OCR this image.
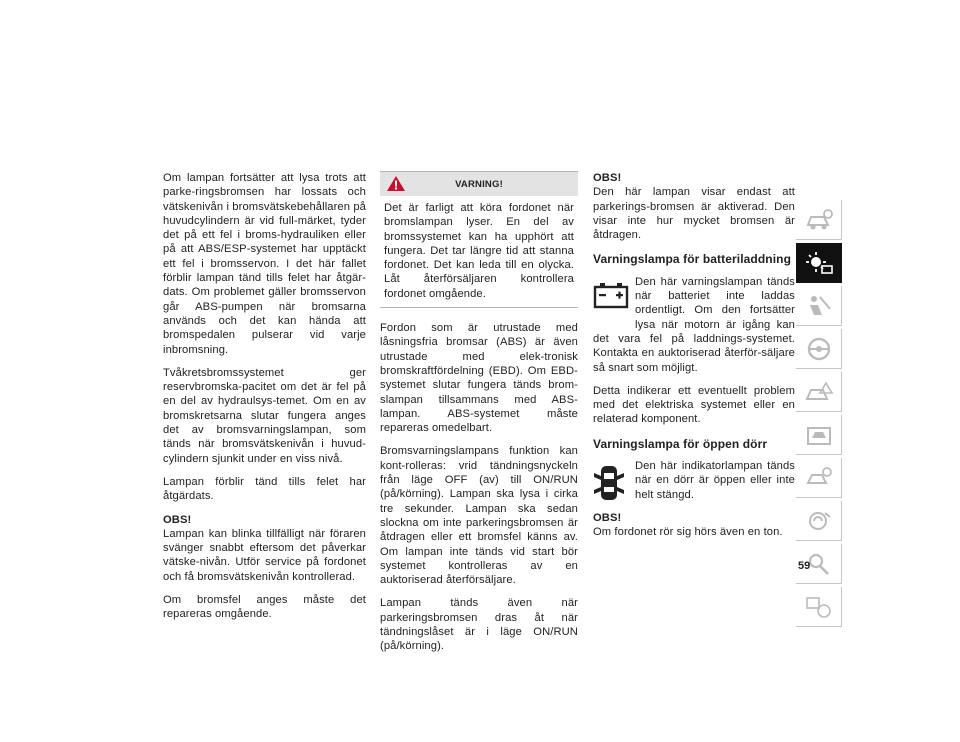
Om lampan fortsätter att lysa trots att parke-ringsbromsen har lossats och vätskenivån i bromsvätskebehållaren på huvudcylindern är vid full-märket, tyder det på ett fel i broms-hydrauliken eller på att ABS/ESP-systemet har upptäckt ett fel i bromsservon. I det här fallet förblir lampan tänd tills felet har åtgär-dats. Om problemet gäller bromsservon går ABS-pumpen när bromsarna används och det kan hända att bromspedalen pulserar vid varje inbromsning.

Tvåkretsbromssystemet ger reservbromska-pacitet om det är fel på en del av hydraulsys-temet. Om en av bromskretsarna slutar fungera anges det av bromsvarningslampan, som tänds när bromsvätskenivån i huvud-cylindern sjunkit under en viss nivå.

Lampan förblir tänd tills felet har åtgärdats.

OBS!
Lampan kan blinka tillfälligt när föraren svänger snabbt eftersom det påverkar vätske-nivån. Utför service på fordonet och få bromsvätskenivån kontrollerad.

Om bromsfel anges måste det repareras omgående.

VARNING!
Det är farligt att köra fordonet när bromslampan lyser. En del av bromssystemet kan ha upphört att fungera. Det tar längre tid att stanna fordonet. Det kan leda till en olycka. Låt återförsäljaren kontrollera fordonet omgående.

Fordon som är utrustade med låsningsfria bromsar (ABS) är även utrustade med elek-tronisk bromskraftfördelning (EBD). Om EBD-systemet slutar fungera tänds brom-slampan tillsammans med ABS-lampan. ABS-systemet måste repareras omedelbart.

Bromsvarningslampans funktion kan kont-rolleras: vrid tändningsnyckeln från läge OFF (av) till ON/RUN (på/körning). Lampan ska lysa i cirka tre sekunder. Lampan ska sedan slockna om inte parkeringsbromsen är åtdragen eller ett bromsfel känns av. Om lampan inte tänds vid start bör systemet kontrolleras av en auktoriserad återförsäljare.

Lampan tänds även när parkeringsbromsen dras åt när tändningslåset är i läge ON/RUN (på/körning).

OBS!
Den här lampan visar endast att parkerings-bromsen är aktiverad. Den visar inte hur mycket bromsen är åtdragen.

Varningslampa för batteriladdning

Den här varningslampan tänds när batteriet inte laddas ordentligt. Om den fortsätter lysa när motorn är igång kan det vara fel på laddnings-systemet. Kontakta en auktoriserad återför-säljare så snart som möjligt.

Detta indikerar ett eventuellt problem med det elektriska systemet eller en relaterad komponent.

Varningslampa för öppen dörr

Den här indikatorlampan tänds när en dörr är öppen eller inte helt stängd.

OBS!
Om fordonet rör sig hörs även en ton.

59
